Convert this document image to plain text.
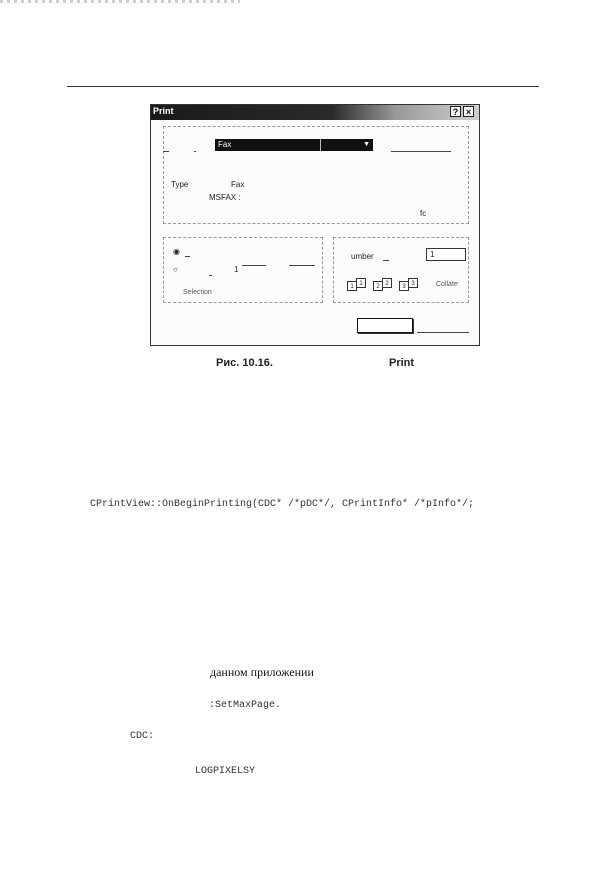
Print	? ×
Fax	▼
Type	Fax
MSFAX :
fc
◉
○	1
Selection
umber	1
1 1	2 2	3 3	Collate
Рис. 10.16.	Print
CPrintView::OnBeginPrinting(CDC* /*pDC*/, CPrintInfo* /*pInfo*/;
данном приложении
:SetMaxPage.
CDC:
LOGPIXELSY
